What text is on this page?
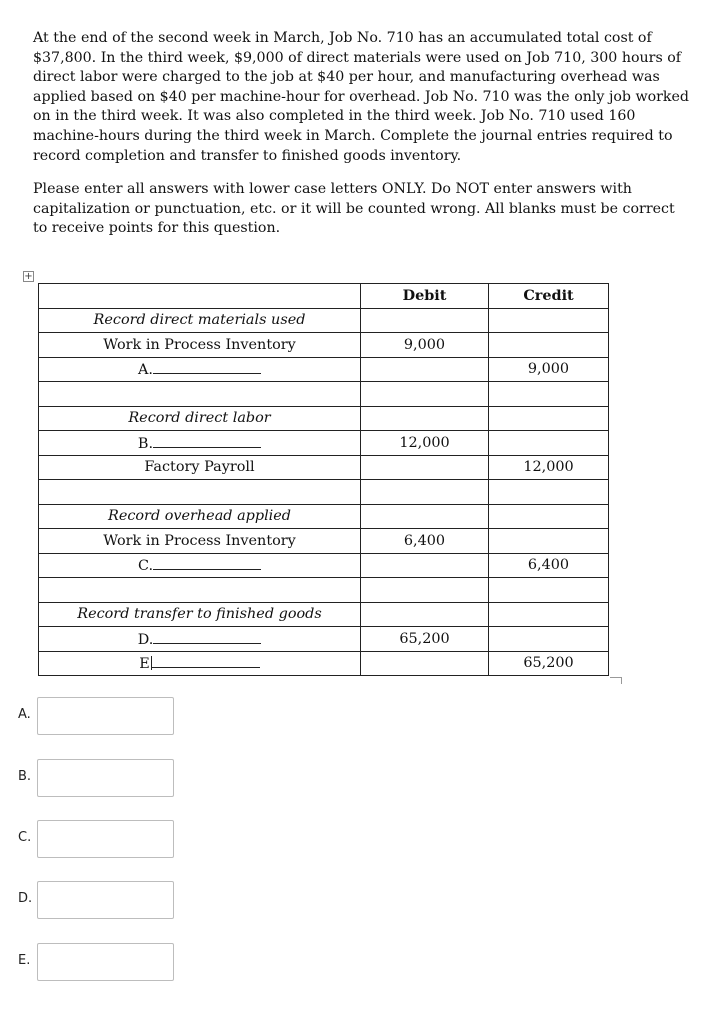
At the end of the second week in March, Job No. 710 has an accumulated total cost of $37,800. In the third week, $9,000 of direct materials were used on Job 710, 300 hours of direct labor were charged to the job at $40 per hour, and manufacturing overhead was applied based on $40 per machine-hour for overhead. Job No. 710 was the only job worked on in the third week. It was also completed in the third week. Job No. 710 used 160 machine-hours during the third week in March. Complete the journal entries required to record completion and transfer to finished goods inventory.

Please enter all answers with lower case letters ONLY. Do NOT enter answers with capitalization or punctuation, etc. or it will be counted wrong. All blanks must be correct to receive points for this question.

+
	Debit	Credit
Record direct materials used		
Work in Process Inventory	9,000	
A.		9,000

Record direct labor		
B.	12,000	
Factory Payroll		12,000

Record overhead applied		
Work in Process Inventory	6,400	
C.		6,400

Record transfer to finished goods		
D.	65,200	
E		65,200
A.
B.
C.
D.
E.
